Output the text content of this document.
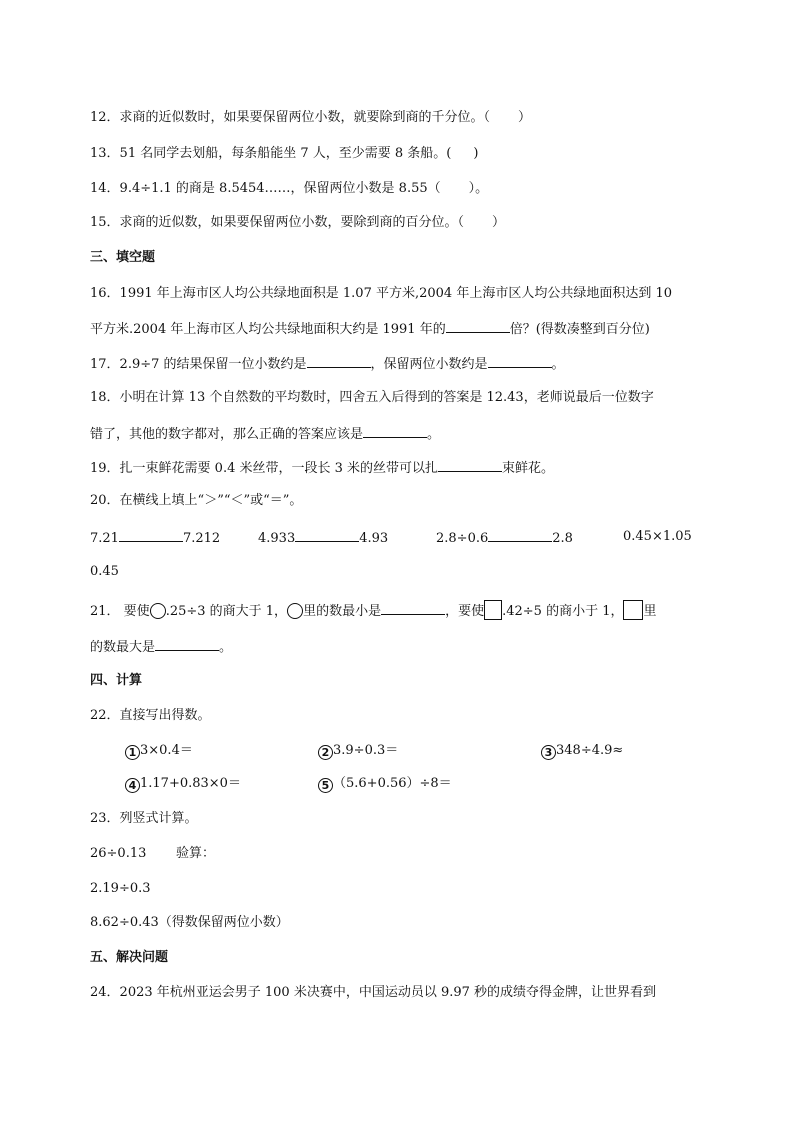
12．求商的近似数时，如果要保留两位小数，就要除到商的千分位。（ ）
13．51 名同学去划船，每条船能坐 7 人，至少需要 8 条船。( )
14．9.4÷1.1 的商是 8.5454……，保留两位小数是 8.55（ ）。
15．求商的近似数，如果要保留两位小数，要除到商的百分位。（ ）
三、填空题
16．1991 年上海市区人均公共绿地面积是 1.07 平方米,2004 年上海市区人均公共绿地面积达到 10
平方米.2004 年上海市区人均公共绿地面积大约是 1991 年的	倍？(得数凑整到百分位)
17．2.9÷7 的结果保留一位小数约是	，保留两位小数约是	。
18．小明在计算 13 个自然数的平均数时，四舍五入后得到的答案是 12.43，老师说最后一位数字
错了，其他的数字都对，那么正确的答案应该是	。
19．扎一束鲜花需要 0.4 米丝带，一段长 3 米的丝带可以扎	束鲜花。
20．在横线上填上“＞”“＜”或“＝”。
7.21	7.212	4.933	4.93	2.8÷0.6	2.8	0.45×1.05
0.45
21． 要使 .25÷3 的商大于 1， 里的数最小是	，要使 .42÷5 的商小于 1， 里
的数最大是	。
四、计算
22．直接写出得数。
1 3×0.4＝	2 3.9÷0.3＝	3 348÷4.9≈
4 1.17+0.83×0＝	5 （5.6+0.56）÷8＝
23．列竖式计算。
26÷0.13 验算：
2.19÷0.3
8.62÷0.43（得数保留两位小数）
五、解决问题
24．2023 年杭州亚运会男子 100 米决赛中，中国运动员以 9.97 秒的成绩夺得金牌，让世界看到
